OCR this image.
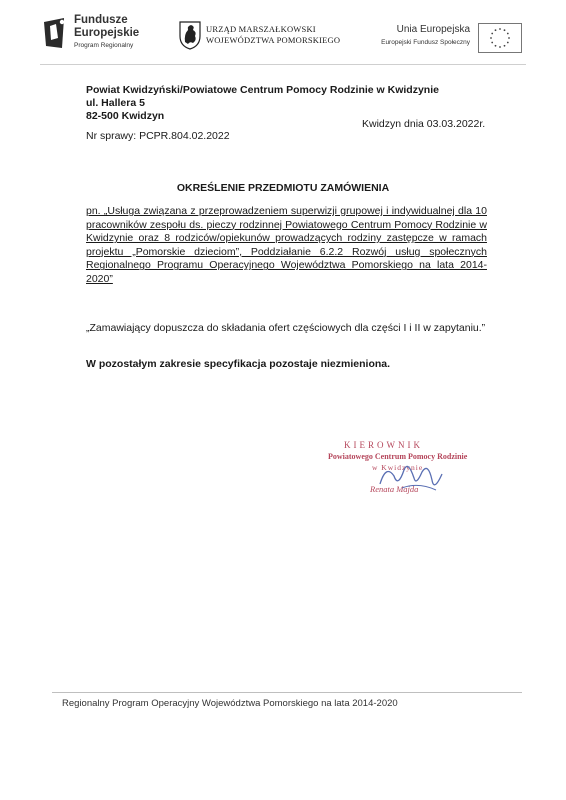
Fundusze
Europejskie
Program Regionalny
URZĄD MARSZAŁKOWSKI
WOJEWÓDZTWA POMORSKIEGO
Unia Europejska
Europejski Fundusz Społeczny
Powiat Kwidzyński/Powiatowe Centrum Pomocy Rodzinie w Kwidzynie
ul. Hallera 5
82-500 Kwidzyn
Kwidzyn dnia 03.03.2022r.
Nr sprawy: PCPR.804.02.2022
OKREŚLENIE PRZEDMIOTU ZAMÓWIENIA
pn. „Usługa związana z przeprowadzeniem superwizji grupowej i indywidualnej dla 10 pracowników zespołu ds. pieczy rodzinnej Powiatowego Centrum Pomocy Rodzinie w Kwidzynie oraz 8 rodziców/opiekunów prowadzących rodziny zastępcze w ramach projektu „Pomorskie dzieciom”, Poddziałanie 6.2.2 Rozwój usług społecznych Regionalnego Programu Operacyjnego Województwa Pomorskiego na lata 2014-2020”
„Zamawiający dopuszcza do składania ofert częściowych dla części I i II w zapytaniu.”
W pozostałym zakresie specyfikacja pozostaje niezmieniona.
KIEROWNIK
Powiatowego Centrum Pomocy Rodzinie
w Kwidzynie
Renata Majda
Regionalny Program Operacyjny Województwa Pomorskiego na lata 2014-2020
